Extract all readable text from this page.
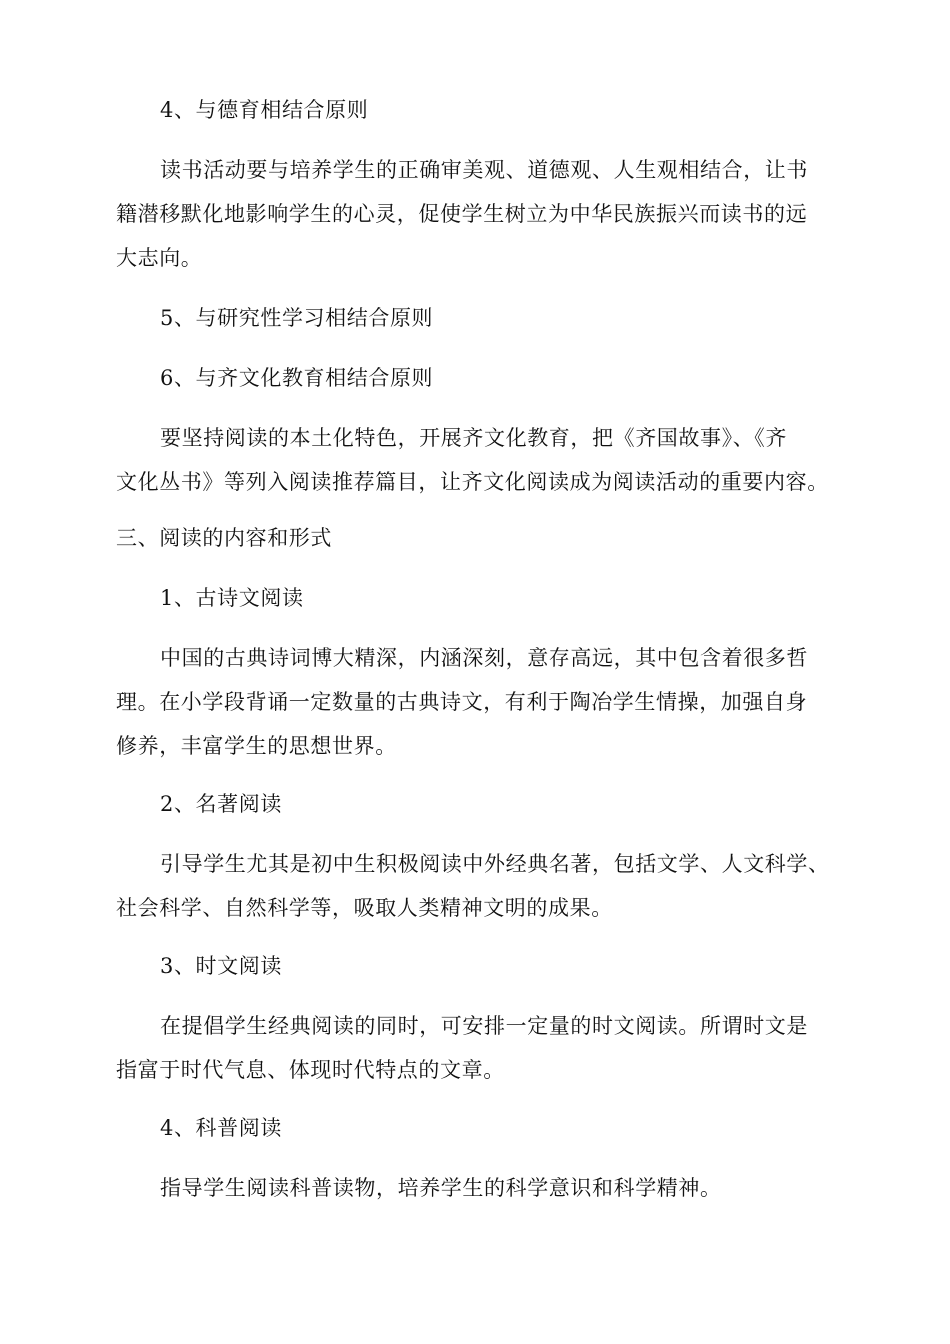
4、与德育相结合原则
读书活动要与培养学生的正确审美观、道德观、人生观相结合，让书
籍潜移默化地影响学生的心灵，促使学生树立为中华民族振兴而读书的远
大志向。
5、与研究性学习相结合原则
6、与齐文化教育相结合原则
要坚持阅读的本土化特色，开展齐文化教育，把《齐国故事》、《齐
文化丛书》等列入阅读推荐篇目，让齐文化阅读成为阅读活动的重要内容。
三、阅读的内容和形式
1、古诗文阅读
中国的古典诗词博大精深，内涵深刻，意存高远，其中包含着很多哲
理。在小学段背诵一定数量的古典诗文，有利于陶冶学生情操，加强自身
修养，丰富学生的思想世界。
2、名著阅读
引导学生尤其是初中生积极阅读中外经典名著，包括文学、人文科学、
社会科学、自然科学等，吸取人类精神文明的成果。
3、时文阅读
在提倡学生经典阅读的同时，可安排一定量的时文阅读。所谓时文是
指富于时代气息、体现时代特点的文章。
4、科普阅读
指导学生阅读科普读物，培养学生的科学意识和科学精神。
